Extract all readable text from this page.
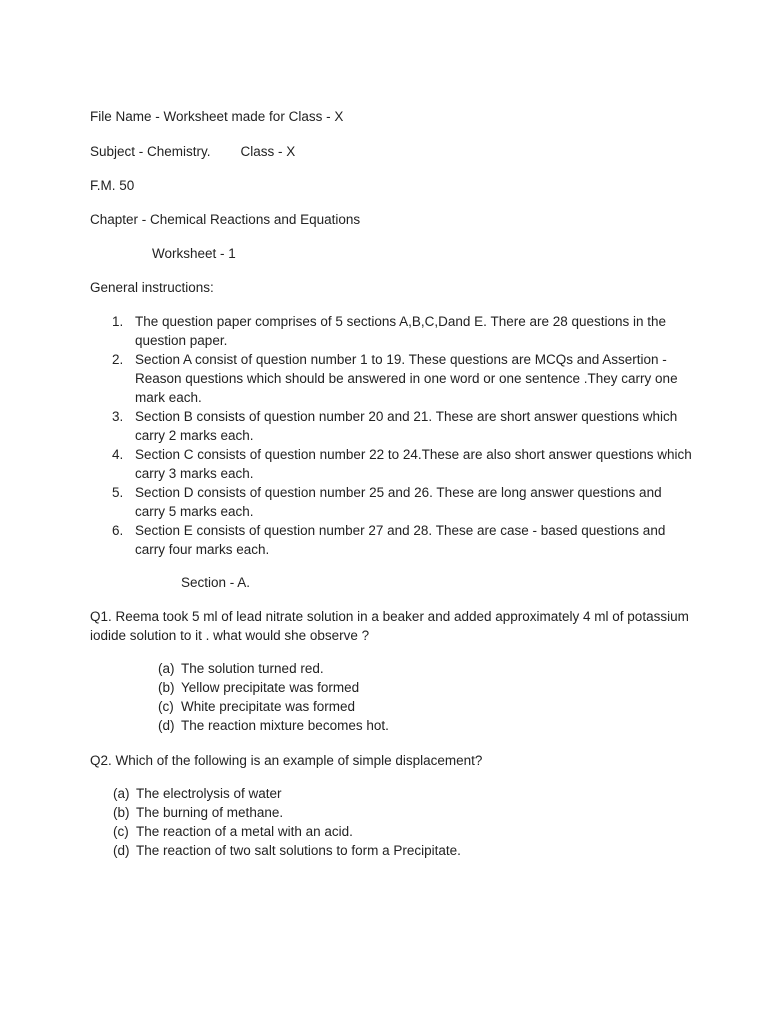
File Name - Worksheet made for Class - X
Subject - Chemistry. Class - X
F.M. 50
Chapter - Chemical Reactions and Equations
Worksheet - 1
General instructions:
1. The question paper comprises of 5 sections A,B,C,Dand E. There are 28 questions in the question paper.
2. Section A consist of question number 1 to 19. These questions are MCQs and Assertion - Reason questions which should be answered in one word or one sentence .They carry one mark each.
3. Section B consists of question number 20 and 21. These are short answer questions which carry 2 marks each.
4. Section C consists of question number 22 to 24.These are also short answer questions which carry 3 marks each.
5. Section D consists of question number 25 and 26. These are long answer questions and carry 5 marks each.
6. Section E consists of question number 27 and 28. These are case - based questions and carry four marks each.
Section - A.
Q1. Reema took 5 ml of lead nitrate solution in a beaker and added approximately 4 ml of potassium iodide solution to it . what would she observe ?
(a) The solution turned red.
(b) Yellow precipitate was formed
(c) White precipitate was formed
(d) The reaction mixture becomes hot.
Q2. Which of the following is an example of simple displacement?
(a) The electrolysis of water
(b) The burning of methane.
(c) The reaction of a metal with an acid.
(d) The reaction of two salt solutions to form a Precipitate.
